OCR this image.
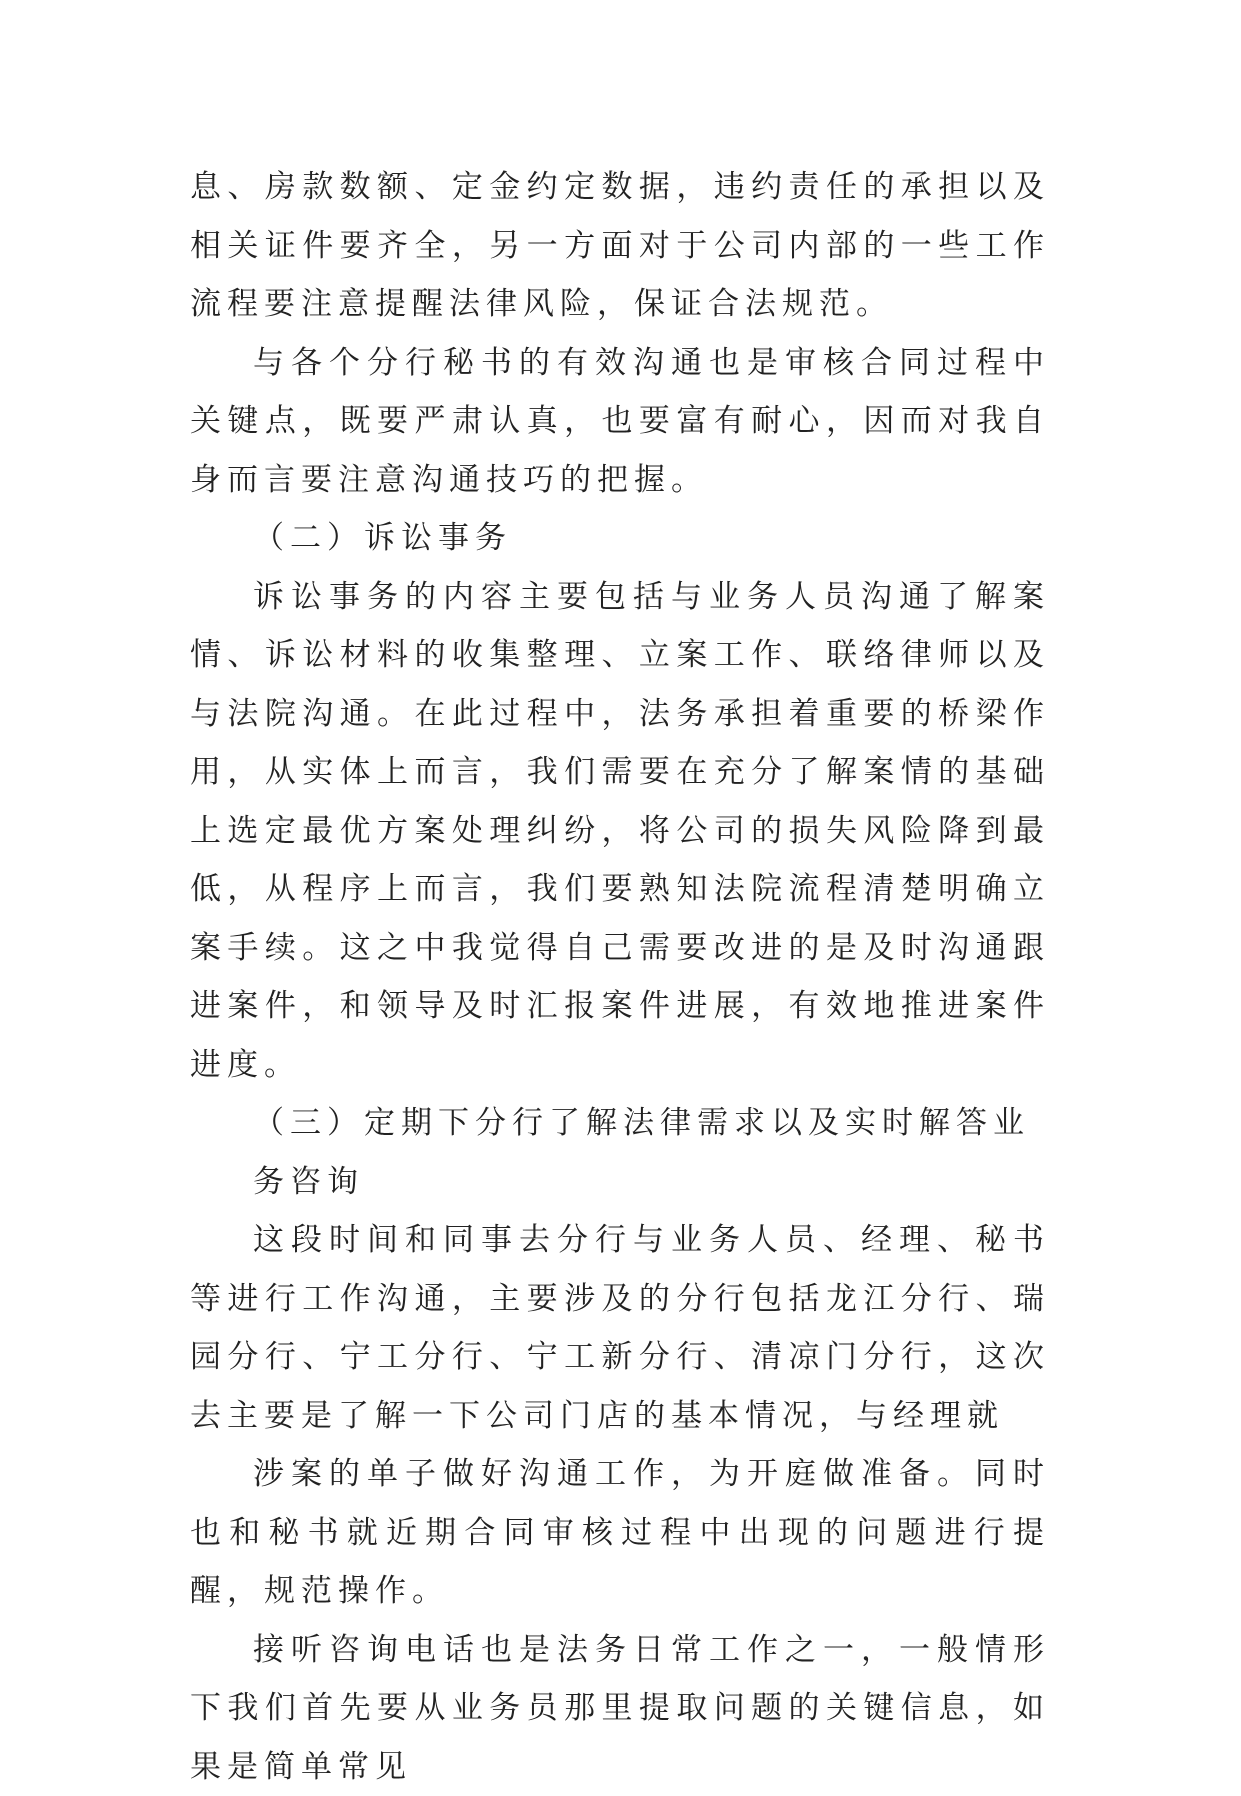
息、房款数额、定金约定数据，违约责任的承担以及相关证件要齐全，另一方面对于公司内部的一些工作流程要注意提醒法律风险，保证合法规范。

与各个分行秘书的有效沟通也是审核合同过程中关键点，既要严肃认真，也要富有耐心，因而对我自身而言要注意沟通技巧的把握。

（二）诉讼事务

诉讼事务的内容主要包括与业务人员沟通了解案情、诉讼材料的收集整理、立案工作、联络律师以及与法院沟通。在此过程中，法务承担着重要的桥梁作用，从实体上而言，我们需要在充分了解案情的基础上选定最优方案处理纠纷，将公司的损失风险降到最低，从程序上而言，我们要熟知法院流程清楚明确立案手续。这之中我觉得自己需要改进的是及时沟通跟进案件，和领导及时汇报案件进展，有效地推进案件进度。

（三）定期下分行了解法律需求以及实时解答业务咨询

这段时间和同事去分行与业务人员、经理、秘书等进行工作沟通，主要涉及的分行包括龙江分行、瑞园分行、宁工分行、宁工新分行、清凉门分行，这次去主要是了解一下公司门店的基本情况，与经理就

涉案的单子做好沟通工作，为开庭做准备。同时也和秘书就近期合同审核过程中出现的问题进行提醒，规范操作。

接听咨询电话也是法务日常工作之一，一般情形下我们首先要从业务员那里提取问题的关键信息，如果是简单常见
